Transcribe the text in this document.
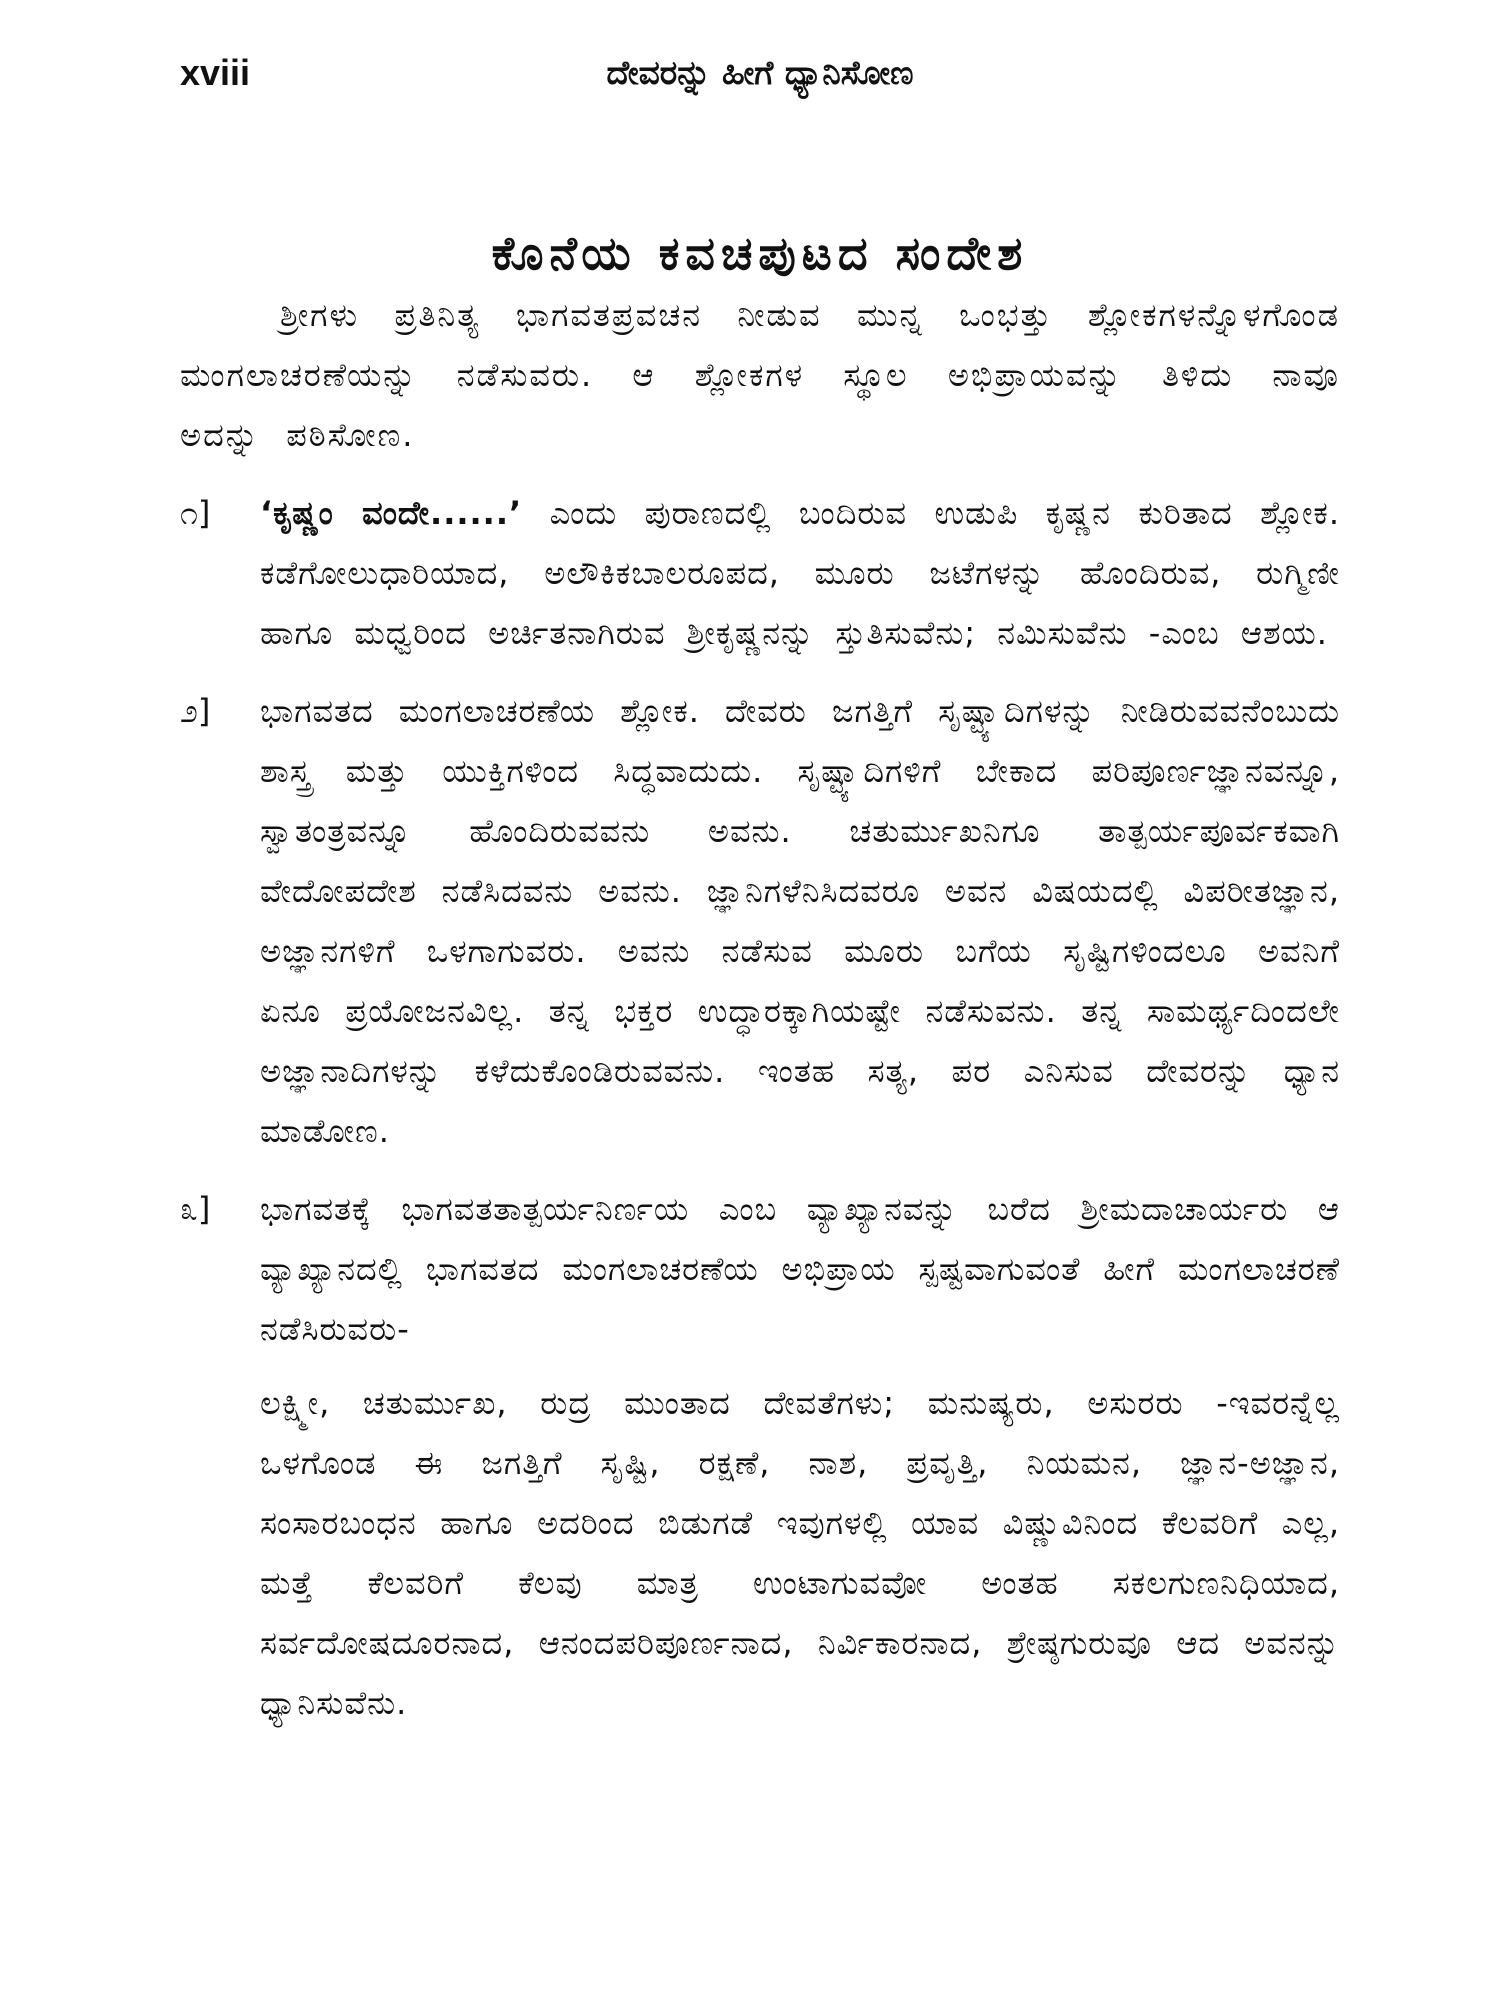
xviii	ದೇವರನ್ನು ಹೀಗೆ ಧ್ಯಾನಿಸೋಣ
ಕೊನೆಯ ಕವಚಪುಟದ ಸಂದೇಶ

ಶ್ರೀಗಳು ಪ್ರತಿನಿತ್ಯ ಭಾಗವತಪ್ರವಚನ ನೀಡುವ ಮುನ್ನ ಒಂಭತ್ತು ಶ್ಲೋಕಗಳನ್ನೊಳಗೊಂಡ ಮಂಗಲಾಚರಣೆಯನ್ನು ನಡೆಸುವರು. ಆ ಶ್ಲೋಕಗಳ ಸ್ಥೂಲ ಅಭಿಪ್ರಾಯವನ್ನು ತಿಳಿದು ನಾವೂ ಅದನ್ನು ಪಠಿಸೋಣ.

೧]	‘ಕೃಷ್ಣಂ ವಂದೇ......’ ಎಂದು ಪುರಾಣದಲ್ಲಿ ಬಂದಿರುವ ಉಡುಪಿ ಕೃಷ್ಣನ ಕುರಿತಾದ ಶ್ಲೋಕ. ಕಡೆಗೋಲುಧಾರಿಯಾದ, ಅಲೌಕಿಕಬಾಲರೂಪದ, ಮೂರು ಜಟೆಗಳನ್ನು ಹೊಂದಿರುವ, ರುಗ್ಮಿಣೀ ಹಾಗೂ ಮಧ್ವರಿಂದ ಅರ್ಚಿತನಾಗಿರುವ ಶ್ರೀಕೃಷ್ಣನನ್ನು ಸ್ತುತಿಸುವೆನು; ನಮಿಸುವೆನು -ಎಂಬ ಆಶಯ.

೨]	ಭಾಗವತದ ಮಂಗಲಾಚರಣೆಯ ಶ್ಲೋಕ. ದೇವರು ಜಗತ್ತಿಗೆ ಸೃಷ್ಟ್ಯಾದಿಗಳನ್ನು ನೀಡಿರುವವನೆಂಬುದು ಶಾಸ್ತ್ರ ಮತ್ತು ಯುಕ್ತಿಗಳಿಂದ ಸಿದ್ಧವಾದುದು. ಸೃಷ್ಟ್ಯಾದಿಗಳಿಗೆ ಬೇಕಾದ ಪರಿಪೂರ್ಣಜ್ಞಾನವನ್ನೂ, ಸ್ವಾತಂತ್ರವನ್ನೂ ಹೊಂದಿರುವವನು ಅವನು. ಚತುರ್ಮುಖನಿಗೂ ತಾತ್ಪರ್ಯಪೂರ್ವಕವಾಗಿ ವೇದೋಪದೇಶ ನಡೆಸಿದವನು ಅವನು. ಜ್ಞಾನಿಗಳೆನಿಸಿದವರೂ ಅವನ ವಿಷಯದಲ್ಲಿ ವಿಪರೀತಜ್ಞಾನ, ಅಜ್ಞಾನಗಳಿಗೆ ಒಳಗಾಗುವರು. ಅವನು ನಡೆಸುವ ಮೂರು ಬಗೆಯ ಸೃಷ್ಟಿಗಳಿಂದಲೂ ಅವನಿಗೆ ಏನೂ ಪ್ರಯೋಜನವಿಲ್ಲ. ತನ್ನ ಭಕ್ತರ ಉದ್ಧಾರಕ್ಕಾಗಿಯಷ್ಟೇ ನಡೆಸುವನು. ತನ್ನ ಸಾಮರ್ಥ್ಯದಿಂದಲೇ ಅಜ್ಞಾನಾದಿಗಳನ್ನು ಕಳೆದುಕೊಂಡಿರುವವನು. ಇಂತಹ ಸತ್ಯ, ಪರ ಎನಿಸುವ ದೇವರನ್ನು ಧ್ಯಾನ ಮಾಡೋಣ.

೩]	ಭಾಗವತಕ್ಕೆ ಭಾಗವತತಾತ್ಪರ್ಯನಿರ್ಣಯ ಎಂಬ ವ್ಯಾಖ್ಯಾನವನ್ನು ಬರೆದ ಶ್ರೀಮದಾಚಾರ್ಯರು ಆ ವ್ಯಾಖ್ಯಾನದಲ್ಲಿ ಭಾಗವತದ ಮಂಗಲಾಚರಣೆಯ ಅಭಿಪ್ರಾಯ ಸ್ಪಷ್ಟವಾಗುವಂತೆ ಹೀಗೆ ಮಂಗಲಾಚರಣೆ ನಡೆಸಿರುವರು-

ಲಕ್ಷ್ಮೀ, ಚತುರ್ಮುಖ, ರುದ್ರ ಮುಂತಾದ ದೇವತೆಗಳು; ಮನುಷ್ಯರು, ಅಸುರರು -ಇವರನ್ನೆಲ್ಲ ಒಳಗೊಂಡ ಈ ಜಗತ್ತಿಗೆ ಸೃಷ್ಟಿ, ರಕ್ಷಣೆ, ನಾಶ, ಪ್ರವೃತ್ತಿ, ನಿಯಮನ, ಜ್ಞಾನ-ಅಜ್ಞಾನ, ಸಂಸಾರಬಂಧನ ಹಾಗೂ ಅದರಿಂದ ಬಿಡುಗಡೆ ಇವುಗಳಲ್ಲಿ ಯಾವ ವಿಷ್ಣುವಿನಿಂದ ಕೆಲವರಿಗೆ ಎಲ್ಲ, ಮತ್ತೆ ಕೆಲವರಿಗೆ ಕೆಲವು ಮಾತ್ರ ಉಂಟಾಗುವವೋ ಅಂತಹ ಸಕಲಗುಣನಿಧಿಯಾದ, ಸರ್ವದೋಷದೂರನಾದ, ಆನಂದಪರಿಪೂರ್ಣನಾದ, ನಿರ್ವಿಕಾರನಾದ, ಶ್ರೇಷ್ಠಗುರುವೂ ಆದ ಅವನನ್ನು ಧ್ಯಾನಿಸುವೆನು.
